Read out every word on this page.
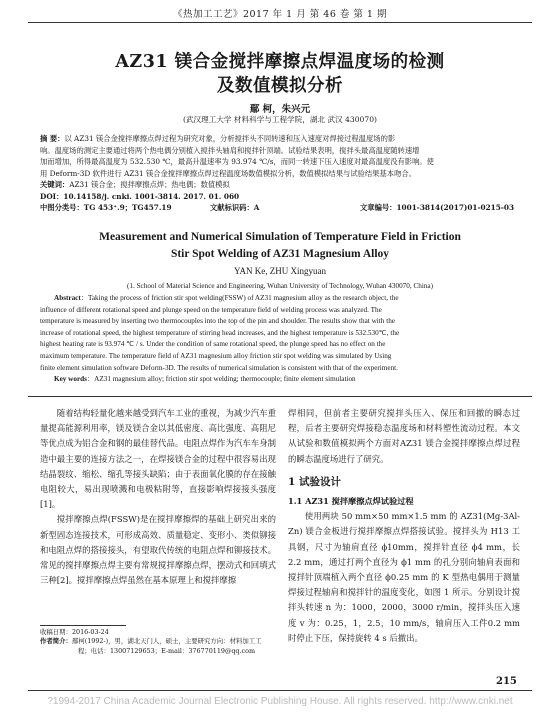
《热加工工艺》2017 年 1 月 第 46 卷 第 1 期
AZ31 镁合金搅拌摩擦点焊温度场的检测
及数值模拟分析
鄢 柯，朱兴元
(武汉理工大学 材料科学与工程学院，湖北 武汉 430070)
摘 要：以 AZ31 镁合金搅拌摩擦点焊过程为研究对象，分析搅拌头不同转速和压入速度对焊接过程温度场的影
响。温度场的测定主要通过将两个热电偶分别植入搅拌头轴肩和搅拌针顶端。试验结果表明，搅拌头最高温度随转速增
加而增加，所得最高温度为 532.530 ℃，最高升温速率为 93.974 ℃/s，而同一转速下压入速度对最高温度没有影响。使
用 Deform-3D 软件进行 AZ31 镁合金搅拌摩擦点焊过程温度场数值模拟分析，数值模拟结果与试验结果基本吻合。
关键词：AZ31 镁合金；搅拌摩擦点焊；热电偶；数值模拟
DOI：10.14158/j. cnki. 1001-3814. 2017. 01. 060
中图分类号：TG 453⁺.9；TG457.19	文献标识码：A	文章编号：1001-3814(2017)01-0215-03
Measurement and Numerical Simulation of Temperature Field in Friction
Stir Spot Welding of AZ31 Magnesium Alloy
YAN Ke, ZHU Xingyuan
(1. School of Material Science and Engineering, Wuhan University of Technology, Wuhan 430070, China)
Abstract：Taking the process of friction stir spot welding(FSSW) of AZ31 magnesium alloy as the research object, the
influence of different rotational speed and plunge speed on the temperature field of welding process was analyzed. The
temperature is measured by inserting two thermocouples into the top of the pin and shoulder. The results show that with the
increase of rotational speed, the highest temperature of stirring head increases, and the highest temperature is 532.530℃, the
highest heating rate is 93.974 ℃ / s. Under the condition of same rotational speed, the plunge speed has no effect on the
maximum temperature. The temperature field of AZ31 magnesium alloy friction stir spot welding was simulated by Using
finite element simulation software Deform-3D. The results of numerical simulation is consistent with that of the experiment.
Key words：AZ31 magnesium alloy; friction stir spot welding; thermocouple; finite element simulation
随着结构轻量化越来越受到汽车工业的重视，为减少汽车重量提高能源利用率，镁及镁合金以其低密度、高比强度、高阻尼等优点成为铝合金和钢的最佳替代品。电阻点焊作为汽车车身制造中最主要的连接方法之一，在焊接镁合金的过程中很容易出现结晶裂纹、缩松、缩孔等接头缺陷；由于表面氧化膜的存在接触电阻较大，易出现喷溅和电极粘附等，直接影响焊接接头强度[1]。
搅拌摩擦点焊(FSSW)是在搅拌摩擦焊的基础上研究出来的新型固态连接技术，可形成高效、质量稳定、变形小、类似铆接和电阻点焊的搭接接头，有望取代传统的电阻点焊和铆接技术。常见的搅拌摩擦点焊主要有常规搅拌摩擦点焊，摆动式和回填式三种[2]。搅拌摩擦点焊虽然在基本原理上和搅拌摩擦
收稿日期：2016-03-24
作者简介：鄢柯(1992-)，男，湖北天门人，硕士，主要研究方向：材料加工工
程；电话：13007129653；E-mail：376770119@qq.com
焊相同，但前者主要研究搅拌头压入、保压和回撤的瞬态过程，后者主要研究焊接稳态温度场和材料塑性流动过程。本文从试验和数值模拟两个方面对AZ31 镁合金搅拌摩擦点焊过程的瞬态温度场进行了研究。
1 试验设计
1.1 AZ31 搅拌摩擦点焊试验过程
使用两块 50 mm×50 mm×1.5 mm 的 AZ31(Mg-3Al-Zn) 镁合金板进行搅拌摩擦点焊搭接试验。搅拌头为 H13 工具钢，尺寸为轴肩直径 ϕ10mm，搅拌针直径 ϕ4 mm，长 2.2 mm，通过打两个直径为 ϕ1 mm 的孔分别向轴肩表面和搅拌针顶端植入两个直径 ϕ0.25 mm 的 K 型热电偶用于测量焊接过程轴肩和搅拌针的温度变化，如图 1 所示。分别设计搅拌头转速 n 为：1000，2000，3000 r/min，搅拌头压入速度 v 为：0.25，1，2.5，10 mm/s，轴肩压入工件0.2 mm 时停止下压，保持旋转 4 s 后撤出。
215
?1994-2017 China Academic Journal Electronic Publishing House. All rights reserved. http://www.cnki.net
